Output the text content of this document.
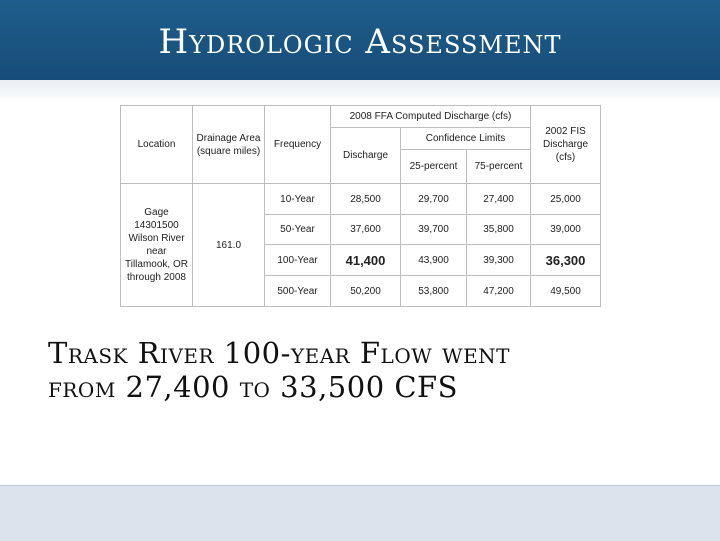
Hydrologic Assessment
Location	Drainage Area (square miles)	Frequency	2008 FFA Computed Discharge (cfs)			2002 FIS Discharge (cfs)
			Discharge	Confidence Limits		
				25-percent	75-percent	
Gage 14301500 Wilson River near Tillamook, OR through 2008	161.0	10-Year	28,500	29,700	27,400	25,000
		50-Year	37,600	39,700	35,800	39,000
		100-Year	41,400	43,900	39,300	36,300
		500-Year	50,200	53,800	47,200	49,500
Trask River 100-year Flow went
from 27,400 to 33,500 CFS
